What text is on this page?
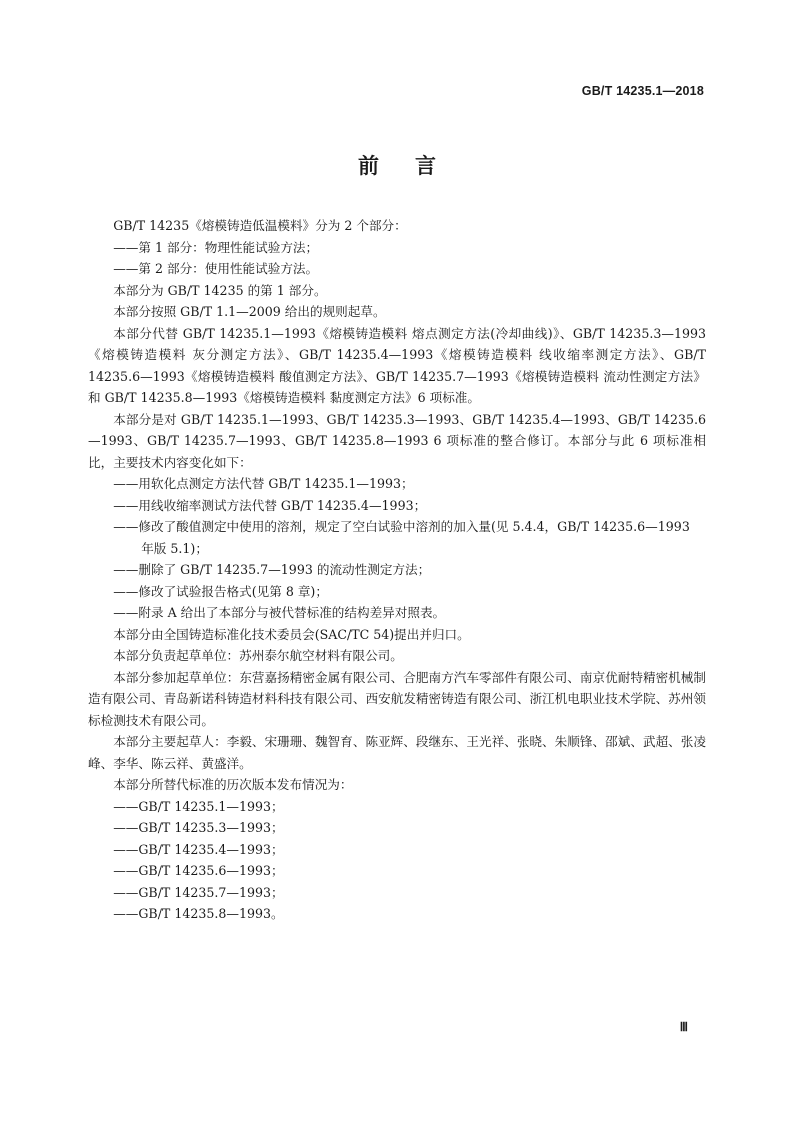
GB/T 14235.1—2018
前言

GB/T 14235《熔模铸造低温模料》分为 2 个部分：

——第 1 部分：物理性能试验方法；

——第 2 部分：使用性能试验方法。

本部分为 GB/T 14235 的第 1 部分。

本部分按照 GB/T 1.1—2009 给出的规则起草。

本部分代替 GB/T 14235.1—1993《熔模铸造模料 熔点测定方法(冷却曲线)》、GB/T 14235.3—1993《熔模铸造模料 灰分测定方法》、GB/T 14235.4—1993《熔模铸造模料 线收缩率测定方法》、GB/T 14235.6—1993《熔模铸造模料 酸值测定方法》、GB/T 14235.7—1993《熔模铸造模料 流动性测定方法》和 GB/T 14235.8—1993《熔模铸造模料 黏度测定方法》6 项标准。

本部分是对 GB/T 14235.1—1993、GB/T 14235.3—1993、GB/T 14235.4—1993、GB/T 14235.6—1993、GB/T 14235.7—1993、GB/T 14235.8—1993 6 项标准的整合修订。本部分与此 6 项标准相比，主要技术内容变化如下：

——用软化点测定方法代替 GB/T 14235.1—1993；

——用线收缩率测试方法代替 GB/T 14235.4—1993；

——修改了酸值测定中使用的溶剂，规定了空白试验中溶剂的加入量(见 5.4.4，GB/T 14235.6—1993 年版 5.1)；

——删除了 GB/T 14235.7—1993 的流动性测定方法；

——修改了试验报告格式(见第 8 章)；

——附录 A 给出了本部分与被代替标准的结构差异对照表。

本部分由全国铸造标准化技术委员会(SAC/TC 54)提出并归口。

本部分负责起草单位：苏州泰尔航空材料有限公司。

本部分参加起草单位：东营嘉扬精密金属有限公司、合肥南方汽车零部件有限公司、南京优耐特精密机械制造有限公司、青岛新诺科铸造材料科技有限公司、西安航发精密铸造有限公司、浙江机电职业技术学院、苏州领标检测技术有限公司。

本部分主要起草人：李毅、宋珊珊、魏智育、陈亚辉、段继东、王光祥、张晓、朱顺锋、邵斌、武超、张凌峰、李华、陈云祥、黄盛洋。

本部分所替代标准的历次版本发布情况为：

——GB/T 14235.1—1993；

——GB/T 14235.3—1993；

——GB/T 14235.4—1993；

——GB/T 14235.6—1993；

——GB/T 14235.7—1993；

——GB/T 14235.8—1993。

Ⅲ
